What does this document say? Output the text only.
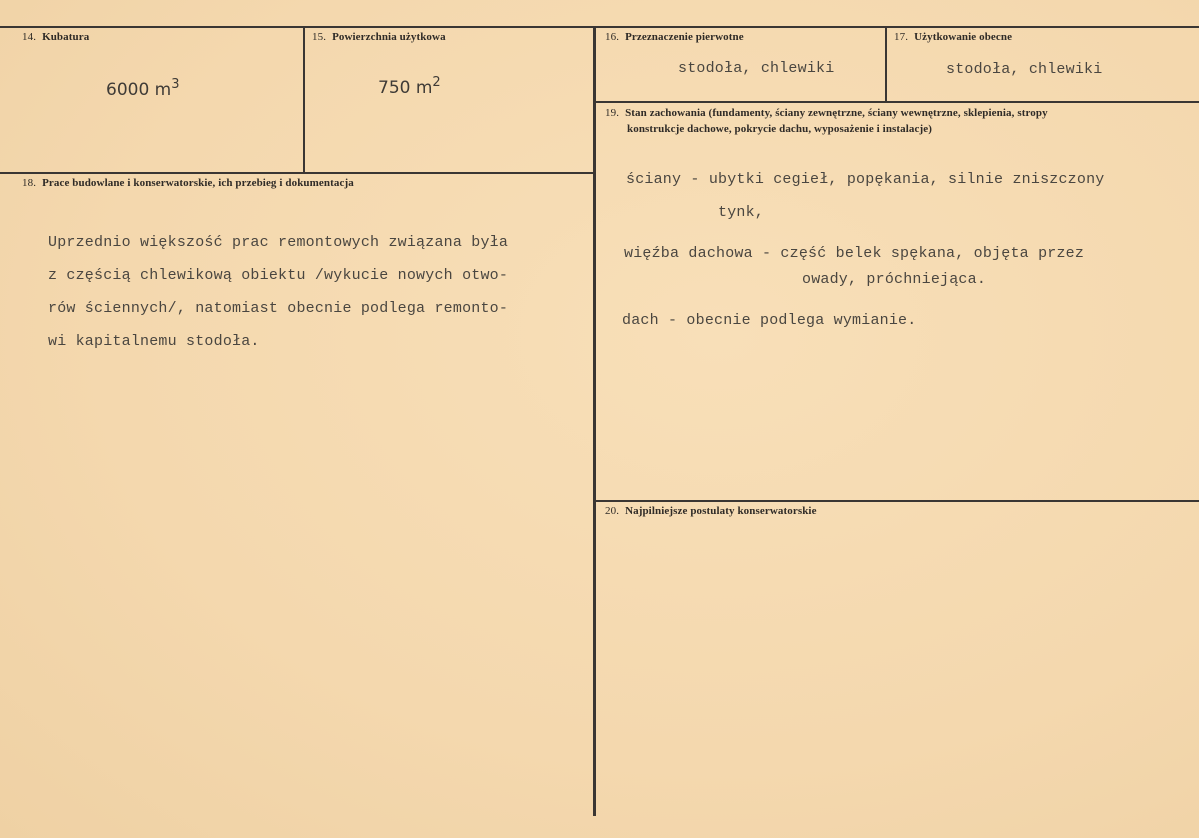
14. Kubatura
6000 $m^3$
15. Powierzchnia użytkowa
750 $m^2$
16. Przeznaczenie pierwotne
stodoła, chlewiki
17. Użytkowanie obecne
stodoła, chlewiki
18. Prace budowlane i konserwatorskie, ich przebieg i dokumentacja
Uprzednio większość prac remontowych związana była
z częścią chlewikową obiektu /wykucie nowych otwo-
rów ściennych/, natomiast obecnie podlega remonto-
wi kapitalnemu stodoła.
19. Stan zachowania (fundamenty, ściany zewnętrzne, ściany wewnętrzne, sklepienia, stropy
konstrukcje dachowe, pokrycie dachu, wyposażenie i instalacje)
ściany - ubytki cegieł, popękania, silnie zniszczony
tynk,
więźba dachowa - część belek spękana, objęta przez
owady, próchniejąca.
dach - obecnie podlega wymianie.
20. Najpilniejsze postulaty konserwatorskie
